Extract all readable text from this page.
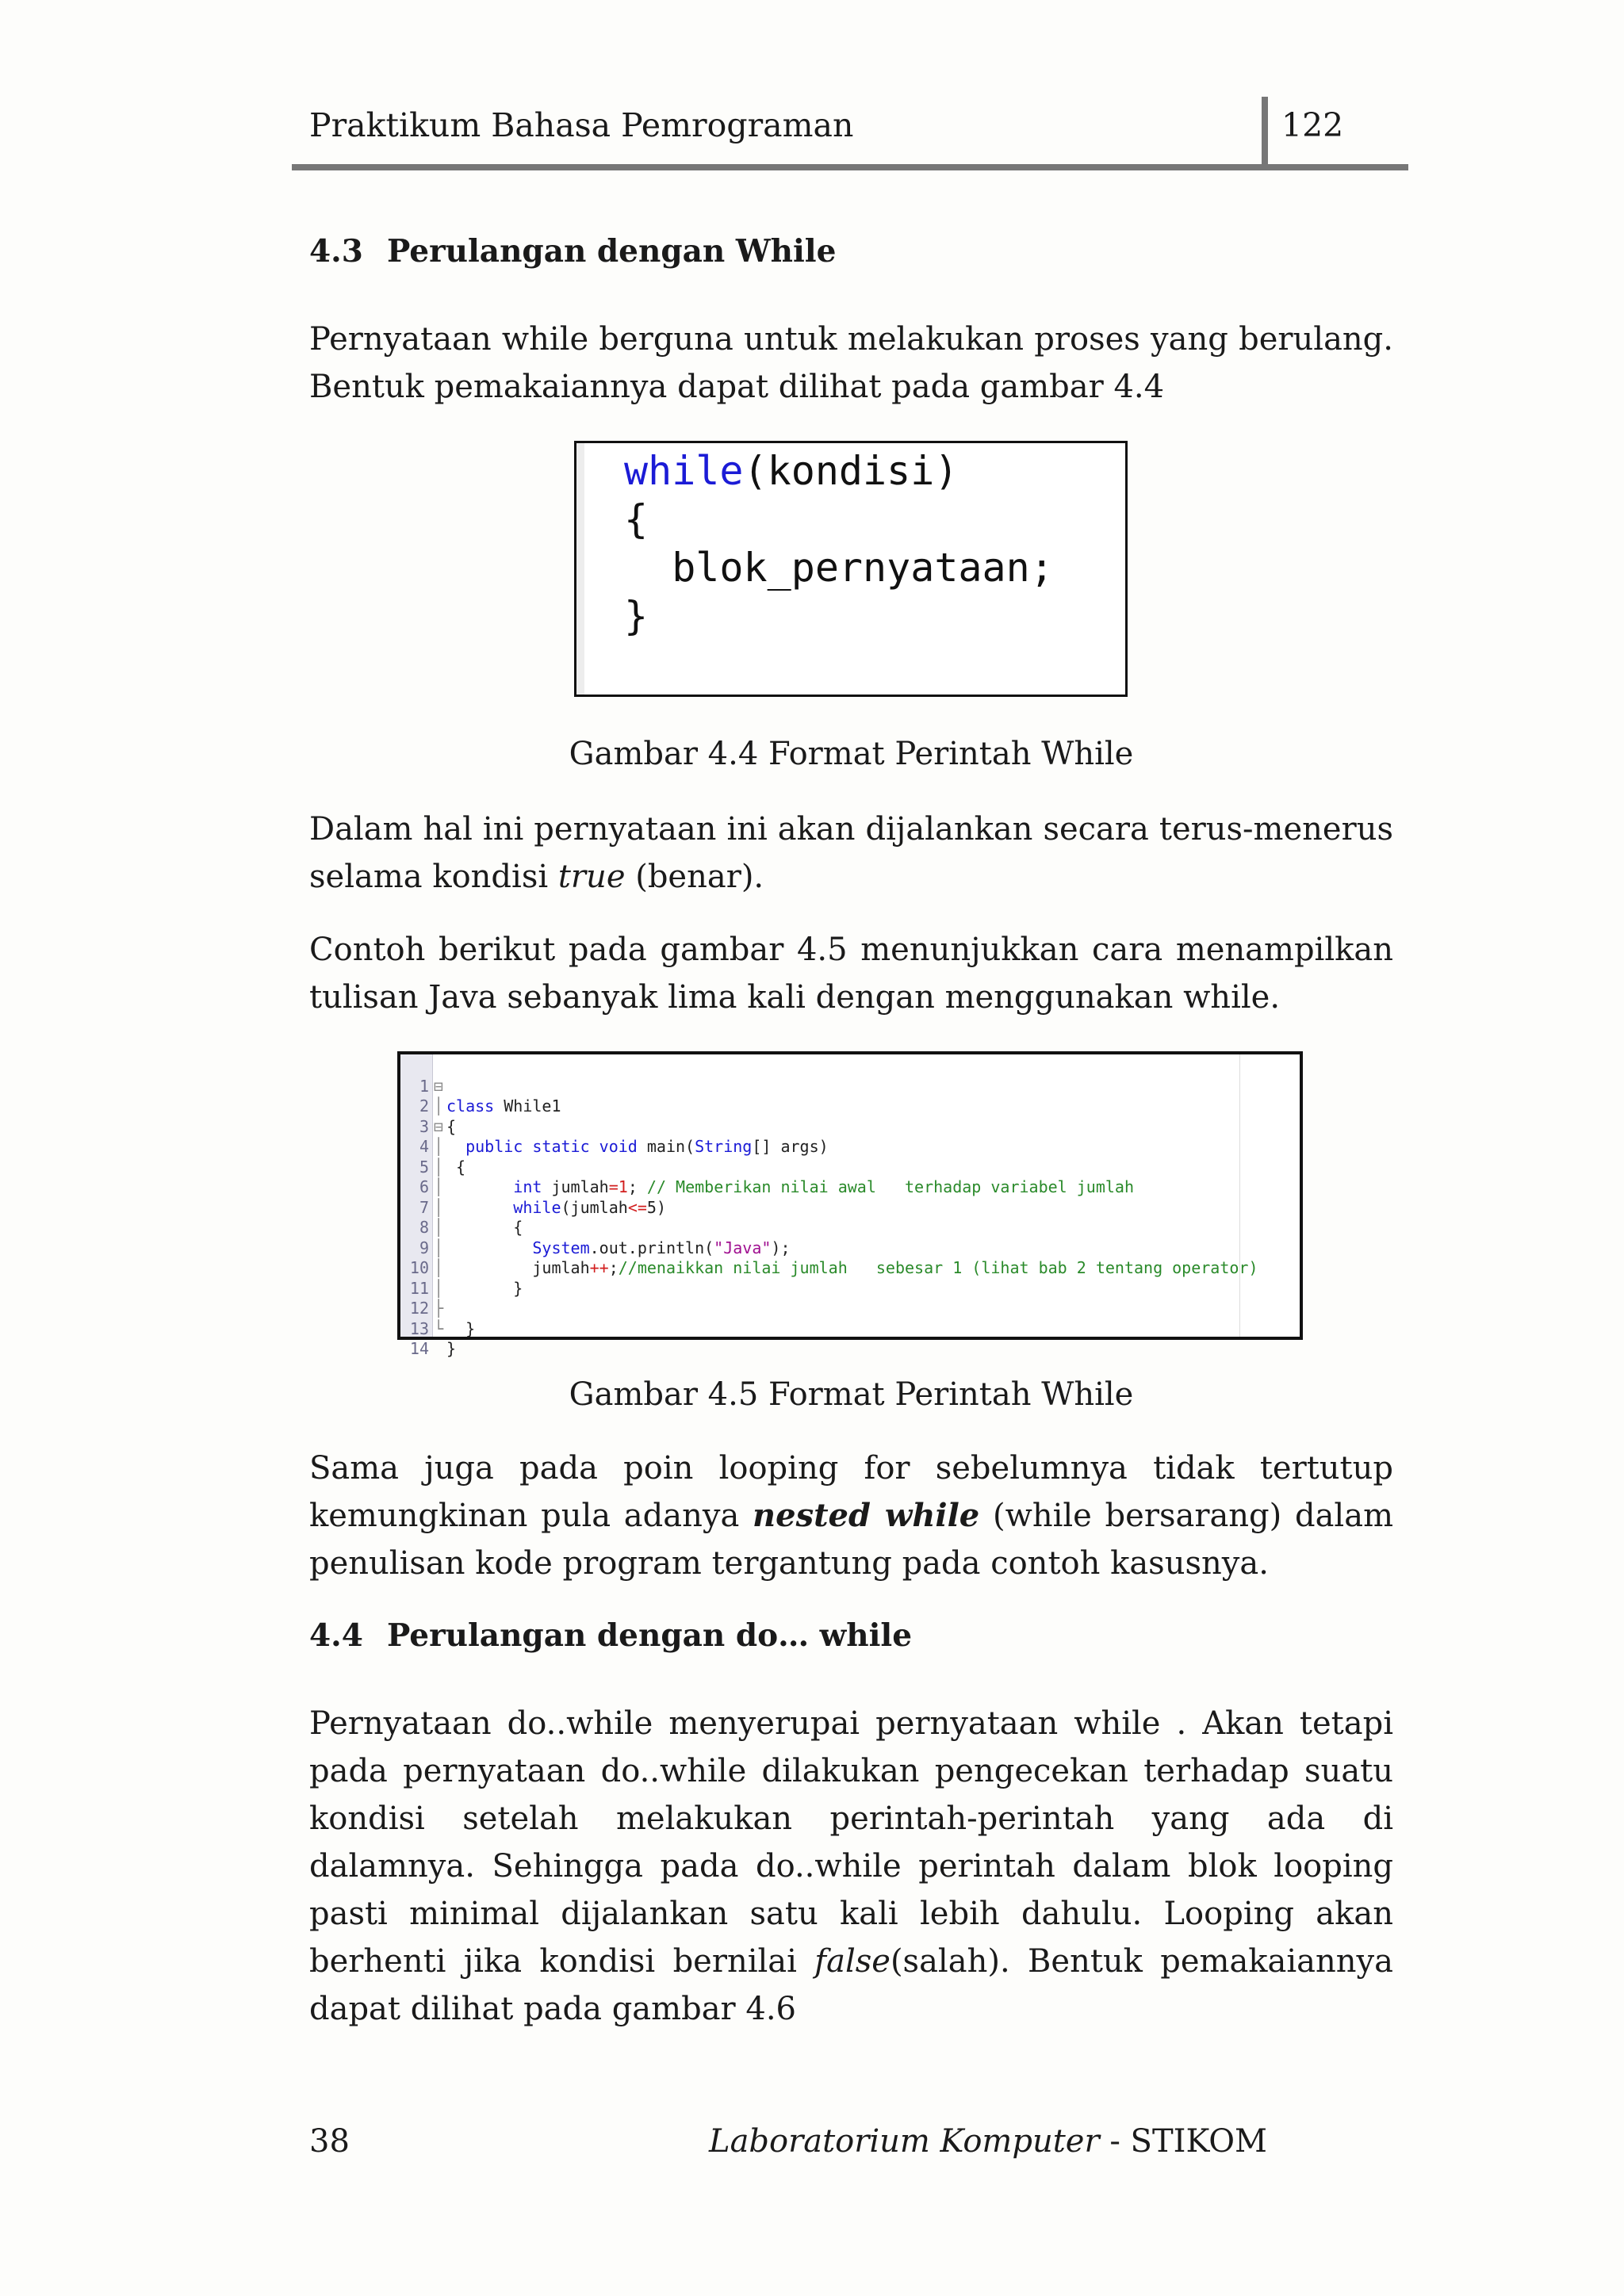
Praktikum Bahasa Pemrograman	122
4.3 Perulangan dengan While
Pernyataan while berguna untuk melakukan proses yang berulang. Bentuk pemakaiannya dapat dilihat pada gambar 4.4
while(kondisi)
{
blok_pernyataan;
}
Gambar 4.4 Format Perintah While
Dalam hal ini pernyataan ini akan dijalankan secara terus-menerus selama kondisi true (benar).
Contoh berikut pada gambar 4.5 menunjukkan cara menampilkan tulisan Java sebanyak lima kali dengan menggunakan while.

1 ⊟

class While1

2 │

{

3 ⊟

public static void main(String[] args)

4 │

{

5 │

int jumlah=1; // Memberikan nilai awal   terhadap variabel jumlah

6 │

while(jumlah<=5)

7 │

{

8 │

System.out.println("Java");

9 │

jumlah++;//menaikkan nilai jumlah   sebesar 1 (lihat bab 2 tentang operator)

10 │

}

11 │

12 ├

}

13 └

}

14

Gambar 4.5 Format Perintah While
Sama juga pada poin looping for sebelumnya tidak tertutup kemungkinan pula adanya nested while (while bersarang) dalam penulisan kode program tergantung pada contoh kasusnya.
4.4 Perulangan dengan do… while
Pernyataan do..while menyerupai pernyataan while . Akan tetapi pada pernyataan do..while dilakukan pengecekan terhadap suatu kondisi setelah melakukan perintah-perintah yang ada di dalamnya. Sehingga pada do..while perintah dalam blok looping pasti minimal dijalankan satu kali lebih dahulu. Looping akan berhenti jika kondisi bernilai false(salah). Bentuk pemakaiannya dapat dilihat pada gambar 4.6
38	Laboratorium Komputer - STIKOM
